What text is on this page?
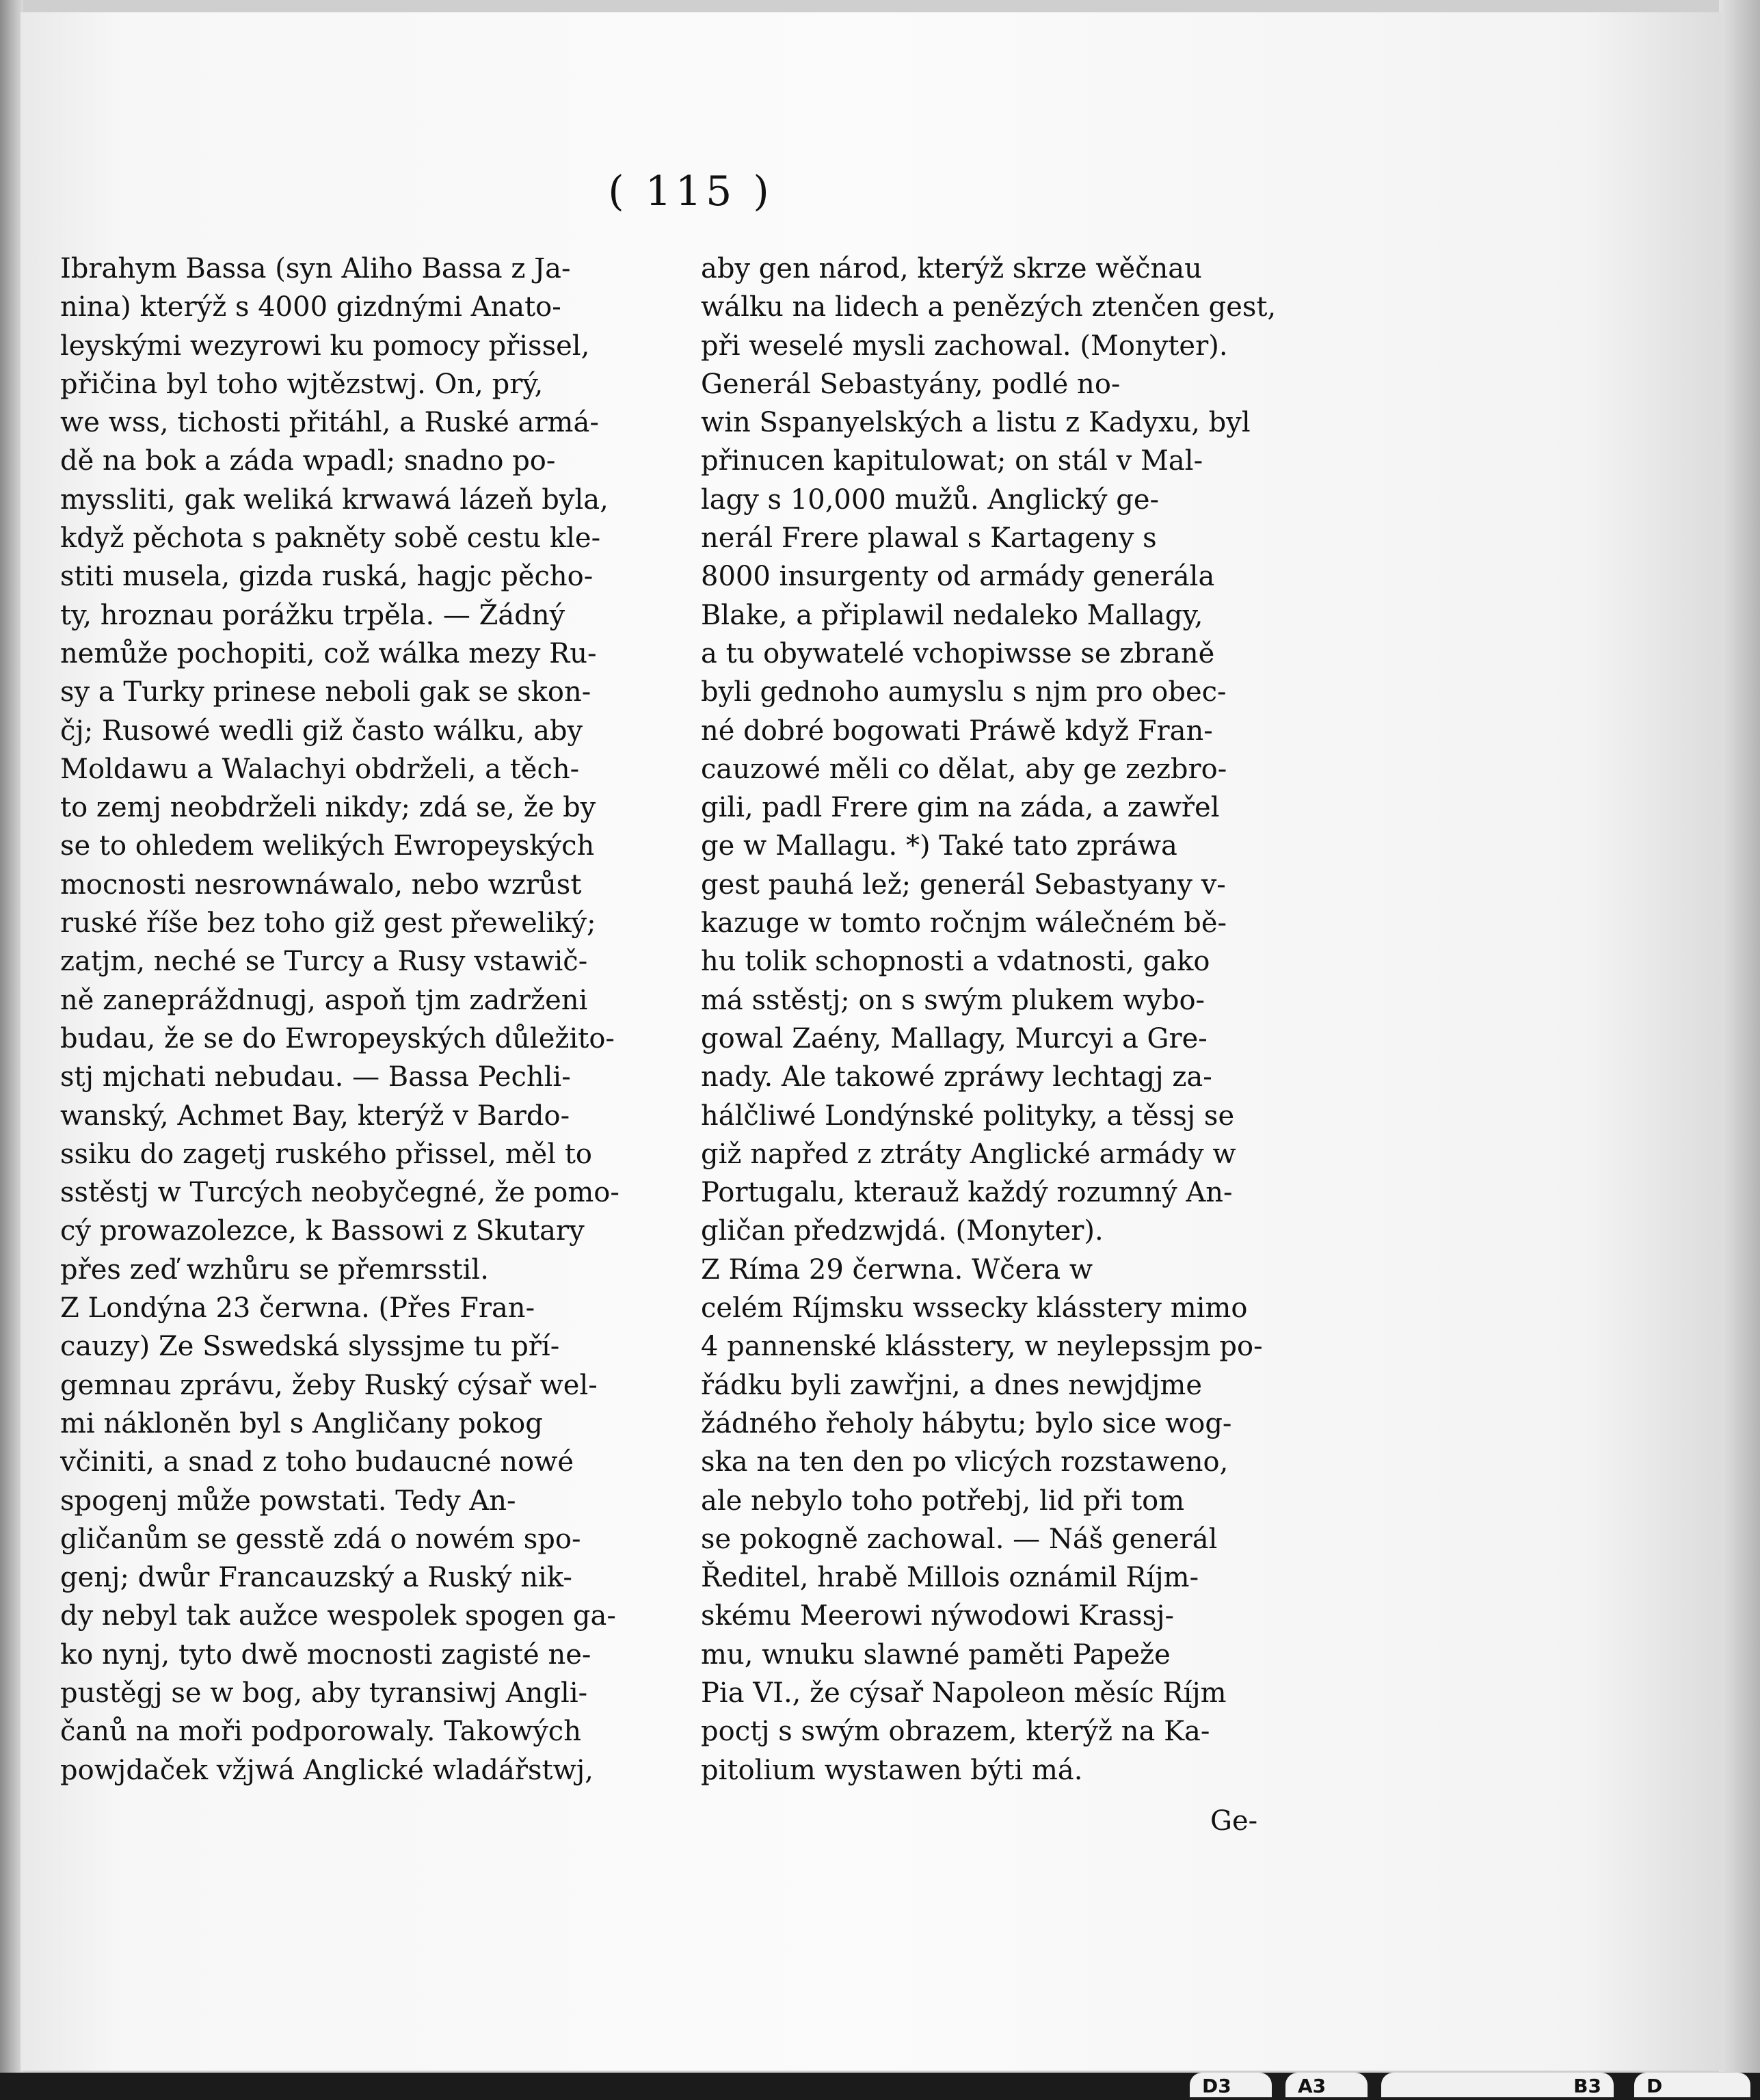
( 115 )
Ibrahym Bassa (syn Aliho Bassa z Ja-
nina) kterýž s 4000 gizdnými Anato-
leyskými wezyrowi ku pomocy přissel,
přičina byl toho wjtězstwj. On, prý,
we wss, tichosti přitáhl, a Ruské armá-
dě na bok a záda wpadl; snadno po-
myssliti, gak weliká krwawá lázeň byla,
když pěchota s pakněty sobě cestu kle-
stiti musela, gizda ruská, hagjc pěcho-
ty, hroznau porážku trpěla. — Žádný
nemůže pochopiti, což wálka mezy Ru-
sy a Turky prinese neboli gak se skon-
čj; Rusowé wedli giž často wálku, aby
Moldawu a Walachyi obdrželi, a těch-
to zemj neobdrželi nikdy; zdá se, že by
se to ohledem welikých Ewropeyských
mocnosti nesrownáwalo, nebo wzrůst
ruské říše bez toho giž gest přeweliký;
zatjm, neché se Turcy a Rusy vstawič-
ně zanepráždnugj, aspoň tjm zadrženi
budau, že se do Ewropeyských důležito-
stj mjchati nebudau. — Bassa Pechli-
wanský, Achmet Bay, kterýž v Bardo-
ssiku do zagetj ruského přissel, měl to
sstěstj w Turcých neobyčegné, že pomo-
cý prowazolezce, k Bassowi z Skutary
přes zeď wzhůru se přemrsstil.
Z Londýna 23 čerwna. (Přes Fran-
cauzy) Ze Sswedská slyssjme tu pří-
gemnau zprávu, žeby Ruský cýsař wel-
mi nákloněn byl s Angličany pokog
včiniti, a snad z toho budaucné nowé
spogenj může powstati. Tedy An-
gličanům se gesstě zdá o nowém spo-
genj; dwůr Francauzský a Ruský nik-
dy nebyl tak aužce wespolek spogen ga-
ko nynj, tyto dwě mocnosti zagisté ne-
pustěgj se w bog, aby tyransiwj Angli-
čanů na moři podporowaly. Takowých
powjdaček vžjwá Anglické wladářstwj,
aby gen národ, kterýž skrze wěčnau
wálku na lidech a penězých ztenčen gest,
při weselé mysli zachowal. (Monyter).
Generál Sebastyány, podlé no-
win Sspanyelských a listu z Kadyxu, byl
přinucen kapitulowat; on stál v Mal-
lagy s 10,000 mužů. Anglický ge-
nerál Frere plawal s Kartageny s
8000 insurgenty od armády generála
Blake, a připlawil nedaleko Mallagy,
a tu obywatelé vchopiwsse se zbraně
byli gednoho aumyslu s njm pro obec-
né dobré bogowati Práwě když Fran-
cauzowé měli co dělat, aby ge zezbro-
gili, padl Frere gim na záda, a zawřel
ge w Mallagu. *) Také tato zpráwa
gest pauhá lež; generál Sebastyany v-
kazuge w tomto ročnjm wálečném bě-
hu tolik schopnosti a vdatnosti, gako
má sstěstj; on s swým plukem wybo-
gowal Zaény, Mallagy, Murcyi a Gre-
nady. Ale takowé zpráwy lechtagj za-
hálčliwé Londýnské polityky, a těssj se
giž napřed z ztráty Anglické armády w
Portugalu, kterauž každý rozumný An-
gličan předzwjdá. (Monyter).
Z Ríma 29 čerwna. Wčera w
celém Ríjmsku wssecky klásstery mimo
4 pannenské klásstery, w neylepssjm po-
řádku byli zawřjni, a dnes newjdjme
žádného řeholy hábytu; bylo sice wog-
ska na ten den po vlicých rozstaweno,
ale nebylo toho potřebj, lid při tom
se pokogně zachowal. — Náš generál
Ředitel, hrabě Millois oznámil Ríjm-
skému Meerowi nýwodowi Krassj-
mu, wnuku slawné paměti Papeže
Pia VI., že cýsař Napoleon měsíc Ríjm
poctj s swým obrazem, kterýž na Ka-
pitolium wystawen býti má.
Ge-
D3	A3	B3	D
